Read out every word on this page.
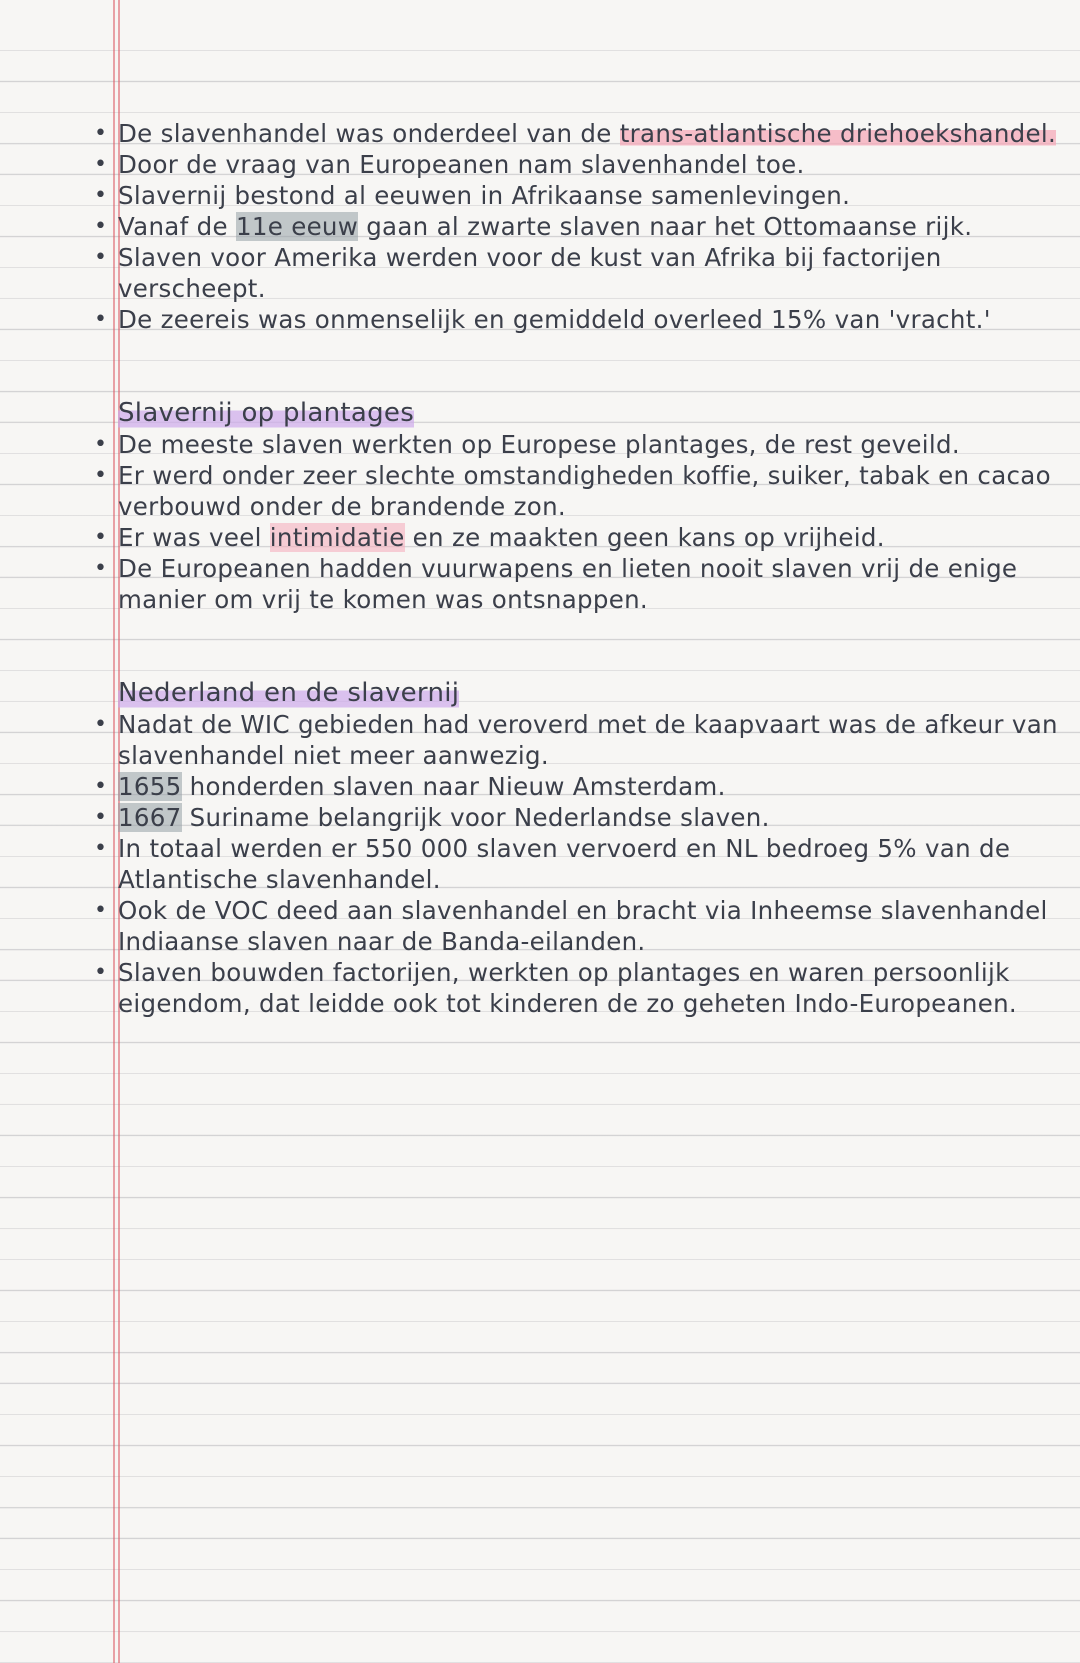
• De slavenhandel was onderdeel van de trans-atlantische driehoekshandel.

• Door de vraag van Europeanen nam slavenhandel toe.

• Slavernij bestond al eeuwen in Afrikaanse samenlevingen.

• Vanaf de 11e eeuw gaan al zwarte slaven naar het Ottomaanse rijk.

• Slaven voor Amerika werden voor de kust van Afrika bij factorijen verscheept.

• De zeereis was onmenselijk en gemiddeld overleed 15% van 'vracht.'

Slavernij op plantages

• De meeste slaven werkten op Europese plantages, de rest geveild.

• Er werd onder zeer slechte omstandigheden koffie, suiker, tabak en cacao verbouwd onder de brandende zon.

• Er was veel intimidatie en ze maakten geen kans op vrijheid.

• De Europeanen hadden vuurwapens en lieten nooit slaven vrij de enige manier om vrij te komen was ontsnappen.

Nederland en de slavernij

• Nadat de WIC gebieden had veroverd met de kaapvaart was de afkeur van slavenhandel niet meer aanwezig.

• 1655 honderden slaven naar Nieuw Amsterdam.

• 1667 Suriname belangrijk voor Nederlandse slaven.

• In totaal werden er 550 000 slaven vervoerd en NL bedroeg 5% van de Atlantische slavenhandel.

• Ook de VOC deed aan slavenhandel en bracht via Inheemse slavenhandel Indiaanse slaven naar de Banda-eilanden.

• Slaven bouwden factorijen, werkten op plantages en waren persoonlijk eigendom, dat leidde ook tot kinderen de zo geheten Indo-Europeanen.
